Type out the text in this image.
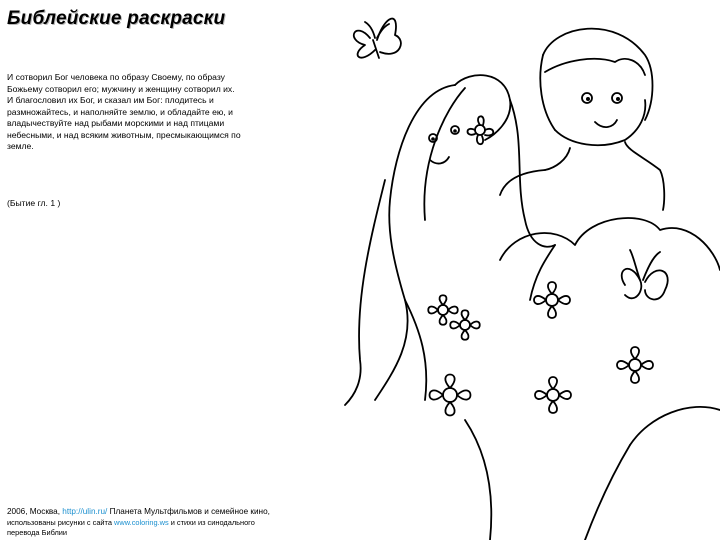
Библейские раскраски

И сотворил Бог человека по образу Своему, по образу Божьему сотворил его; мужчину и женщину сотворил их.

И благословил их Бог, и сказал им Бог: плодитесь и размножайтесь, и наполняйте землю, и обладайте ею, и владычествуйте над рыбами морскими и над птицами небесными, и над всяким животным, пресмыкающимся по земле.

(Бытие гл. 1 )
2006, Москва, http://ulin.ru/ Планета Мультфильмов и семейное кино,
использованы рисунки с сайта www.coloring.ws и стихи из синодального
перевода Библии
